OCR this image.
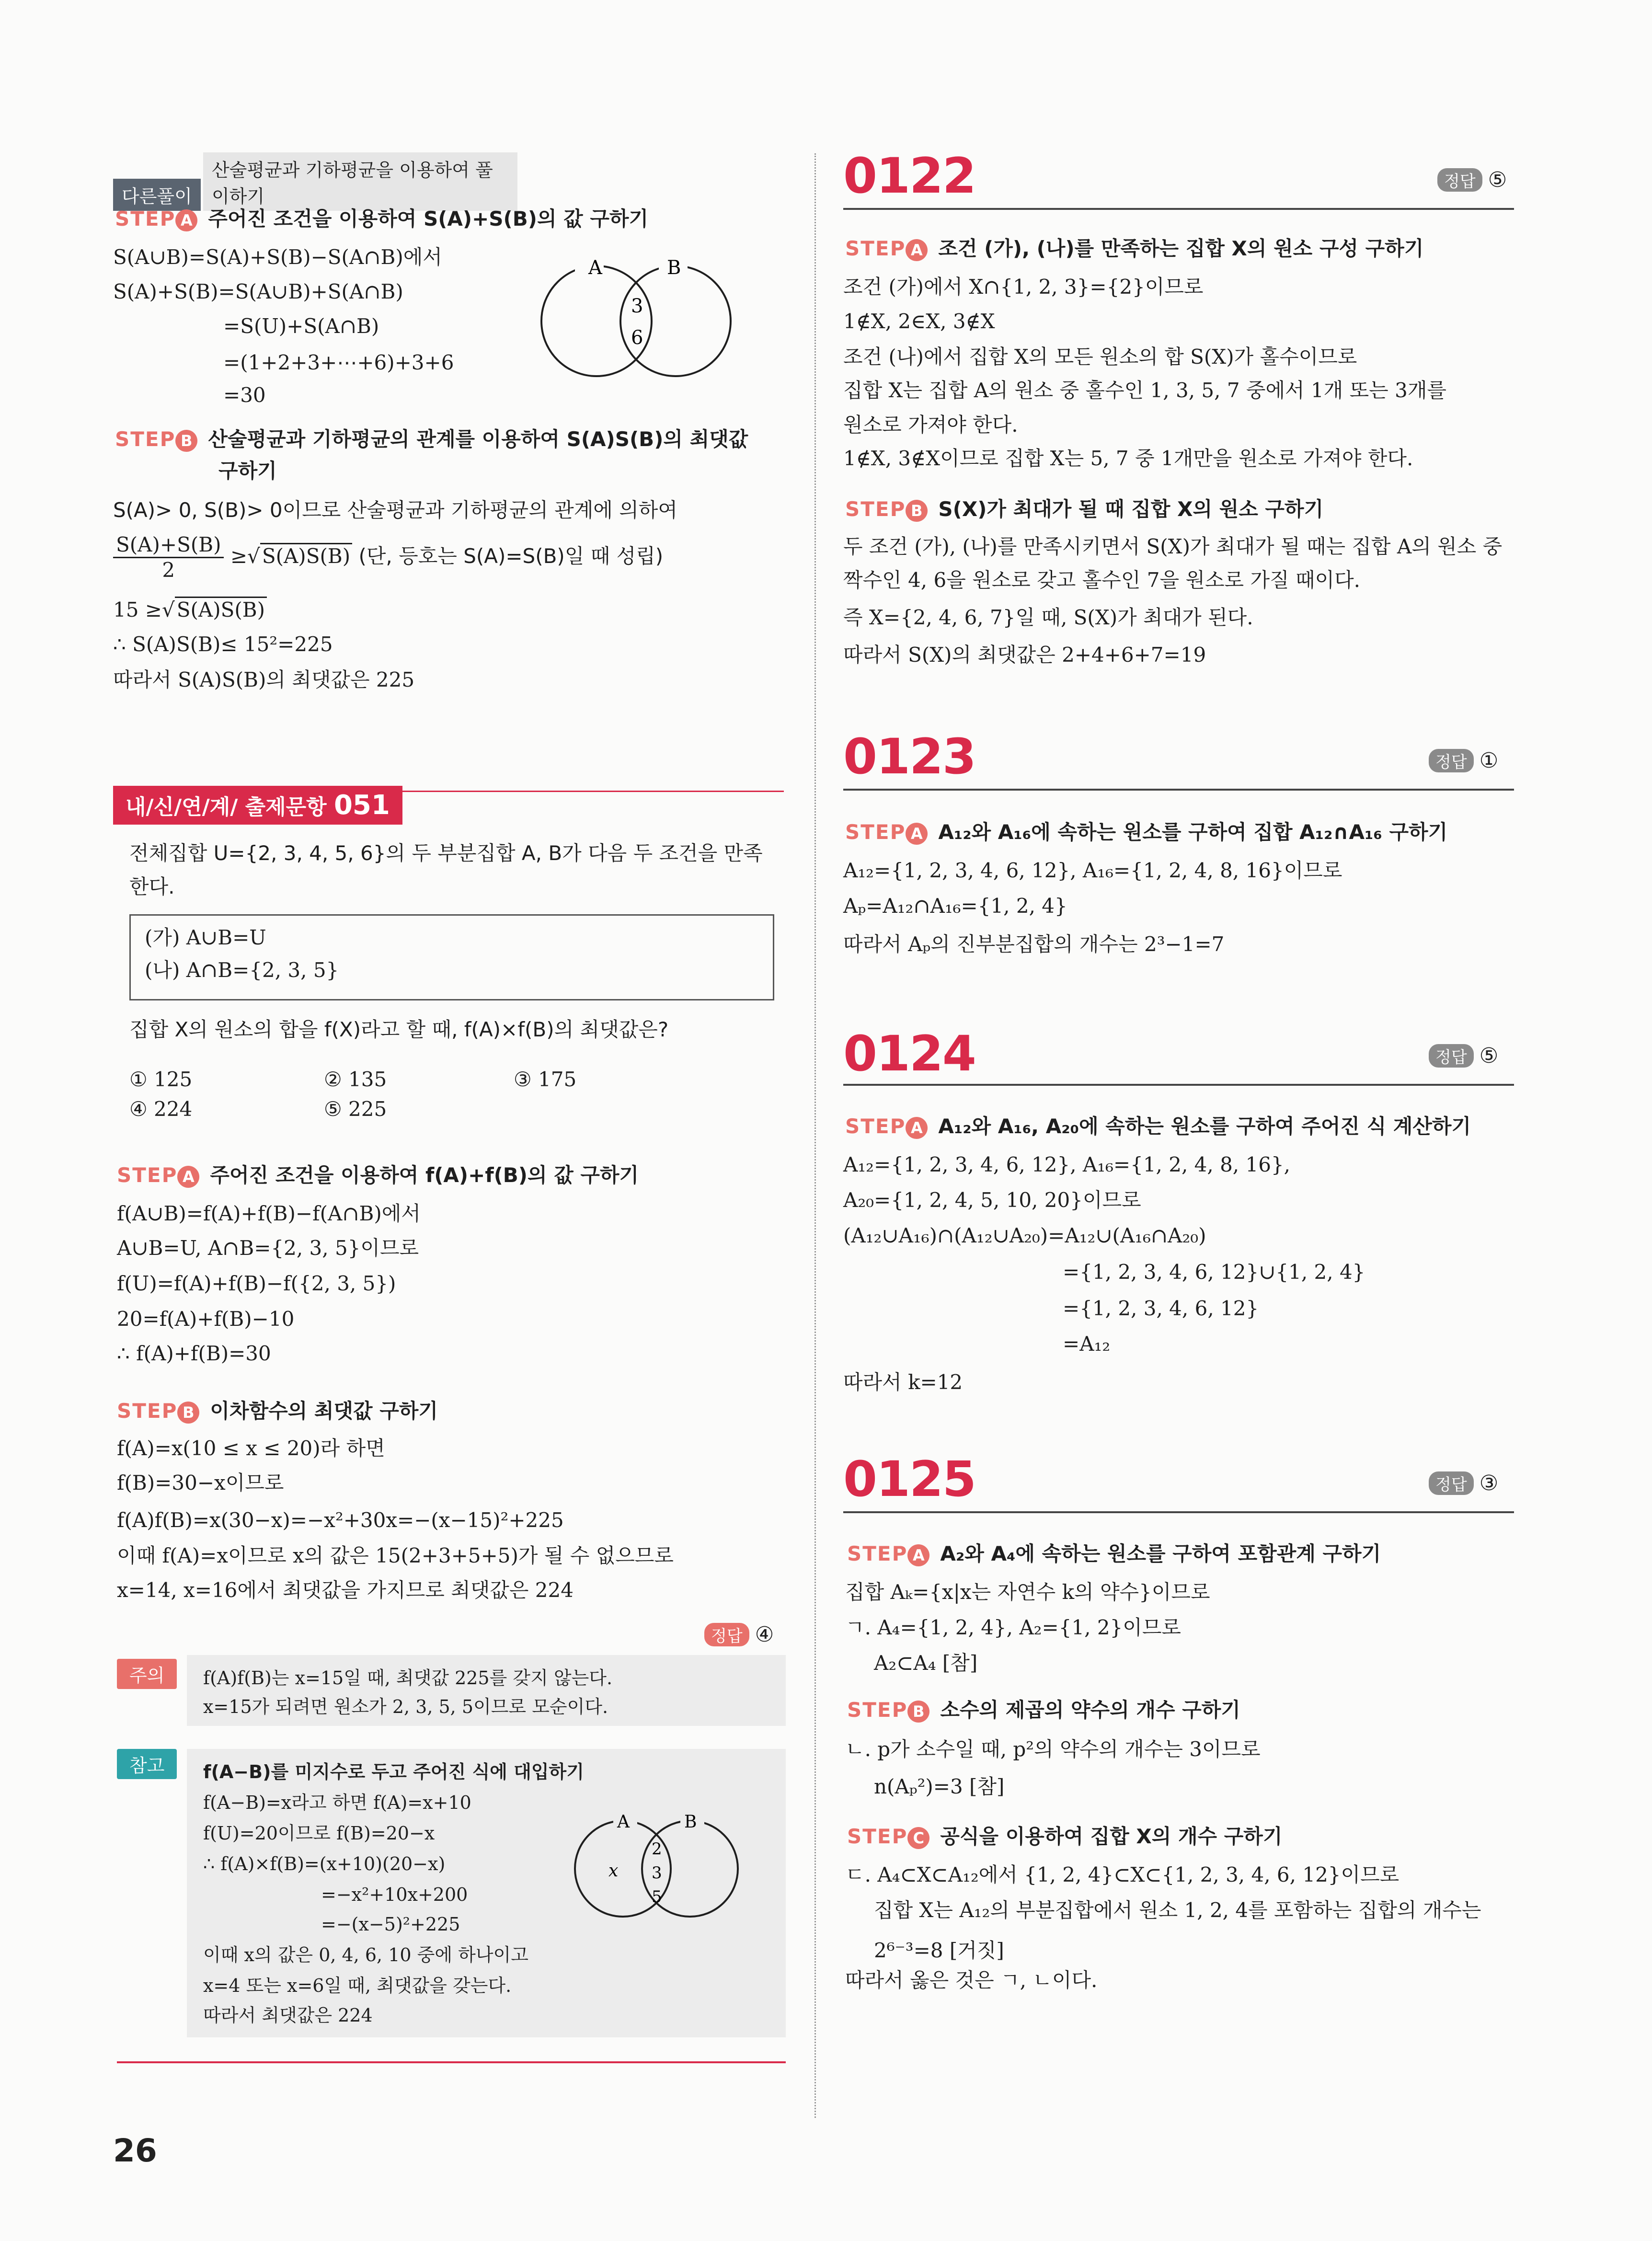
다른풀이 산술평균과 기하평균을 이용하여 풀이하기
STEP A 주어진 조건을 이용하여 S(A)+S(B)의 값 구하기
S(A∪B)=S(A)+S(B)−S(A∩B)에서
S(A)+S(B)=S(A∪B)+S(A∩B)
=S(U)+S(A∩B)
=(1+2+3+⋯+6)+3+6
=30
A	B
3
6
STEP B 산술평균과 기하평균의 관계를 이용하여 S(A)S(B)의 최댓값
구하기
S(A)> 0, S(B)> 0이므로 산술평균과 기하평균의 관계에 의하여
$\frac{S(A)+S(B)}{2} \ge√S(A)S(B)$ (단, 등호는 S(A)=S(B)일 때 성립)
15 ≥√S(A)S(B)
∴ S(A)S(B)≤ 15²=225
따라서 S(A)S(B)의 최댓값은 225
내/신/연/계/ 출제문항 051
전체집합 U={2, 3, 4, 5, 6}의 두 부분집합 A, B가 다음 두 조건을 만족
한다.
(가) A∪B=U
(나) A∩B={2, 3, 5}
집합 X의 원소의 합을 f(X)라고 할 때, f(A)×f(B)의 최댓값은?
① 125	② 135	③ 175
④ 224	⑤ 225
STEP A 주어진 조건을 이용하여 f(A)+f(B)의 값 구하기
f(A∪B)=f(A)+f(B)−f(A∩B)에서
A∪B=U, A∩B={2, 3, 5}이므로
f(U)=f(A)+f(B)−f({2, 3, 5})
20=f(A)+f(B)−10
∴ f(A)+f(B)=30
STEP B 이차함수의 최댓값 구하기
f(A)=x(10 ≤ x ≤ 20)라 하면
f(B)=30−x이므로
f(A)f(B)=x(30−x)=−x²+30x=−(x−15)²+225
이때 f(A)=x이므로 x의 값은 15(2+3+5+5)가 될 수 없으므로
x=14, x=16에서 최댓값을 가지므로 최댓값은 224
정답 ④
주의	f(A)f(B)는 x=15일 때, 최댓값 225를 갖지 않는다.
x=15가 되려면 원소가 2, 3, 5, 5이므로 모순이다.
참고	f(A−B)를 미지수로 두고 주어진 식에 대입하기
f(A−B)=x라고 하면 f(A)=x+10
f(U)=20이므로 f(B)=20−x
∴ f(A)×f(B)=(x+10)(20−x)
=−x²+10x+200
=−(x−5)²+225
이때 x의 값은 0, 4, 6, 10 중에 하나이고
x=4 또는 x=6일 때, 최댓값을 갖는다.
따라서 최댓값은 224
A	B
x
2
3
5
0122	정답 ⑤
STEP A 조건 (가), (나)를 만족하는 집합 X의 원소 구성 구하기
조건 (가)에서 X∩{1, 2, 3}={2}이므로
1∉X, 2∈X, 3∉X
조건 (나)에서 집합 X의 모든 원소의 합 S(X)가 홀수이므로
집합 X는 집합 A의 원소 중 홀수인 1, 3, 5, 7 중에서 1개 또는 3개를
원소로 가져야 한다.
1∉X, 3∉X이므로 집합 X는 5, 7 중 1개만을 원소로 가져야 한다.
STEP B S(X)가 최대가 될 때 집합 X의 원소 구하기
두 조건 (가), (나)를 만족시키면서 S(X)가 최대가 될 때는 집합 A의 원소 중
짝수인 4, 6을 원소로 갖고 홀수인 7을 원소로 가질 때이다.
즉 X={2, 4, 6, 7}일 때, S(X)가 최대가 된다.
따라서 S(X)의 최댓값은 2+4+6+7=19
0123	정답 ①
STEP A A₁₂와 A₁₆에 속하는 원소를 구하여 집합 A₁₂∩A₁₆ 구하기
A₁₂={1, 2, 3, 4, 6, 12}, A₁₆={1, 2, 4, 8, 16}이므로
Aₚ=A₁₂∩A₁₆={1, 2, 4}
따라서 Aₚ의 진부분집합의 개수는 2³−1=7
0124	정답 ⑤
STEP A A₁₂와 A₁₆, A₂₀에 속하는 원소를 구하여 주어진 식 계산하기
A₁₂={1, 2, 3, 4, 6, 12}, A₁₆={1, 2, 4, 8, 16},
A₂₀={1, 2, 4, 5, 10, 20}이므로
(A₁₂∪A₁₆)∩(A₁₂∪A₂₀)=A₁₂∪(A₁₆∩A₂₀)
={1, 2, 3, 4, 6, 12}∪{1, 2, 4}
={1, 2, 3, 4, 6, 12}
=A₁₂
따라서 k=12
0125	정답 ③
STEP A A₂와 A₄에 속하는 원소를 구하여 포함관계 구하기
집합 Aₖ={x|x는 자연수 k의 약수}이므로
ㄱ. A₄={1, 2, 4}, A₂={1, 2}이므로
A₂⊂A₄ [참]
STEP B 소수의 제곱의 약수의 개수 구하기
ㄴ. p가 소수일 때, p²의 약수의 개수는 3이므로
n(Aₚ²)=3 [참]
STEP C 공식을 이용하여 집합 X의 개수 구하기
ㄷ. A₄⊂X⊂A₁₂에서 {1, 2, 4}⊂X⊂{1, 2, 3, 4, 6, 12}이므로
집합 X는 A₁₂의 부분집합에서 원소 1, 2, 4를 포함하는 집합의 개수는
2⁶⁻³=8 [거짓]
따라서 옳은 것은 ㄱ, ㄴ이다.
26
